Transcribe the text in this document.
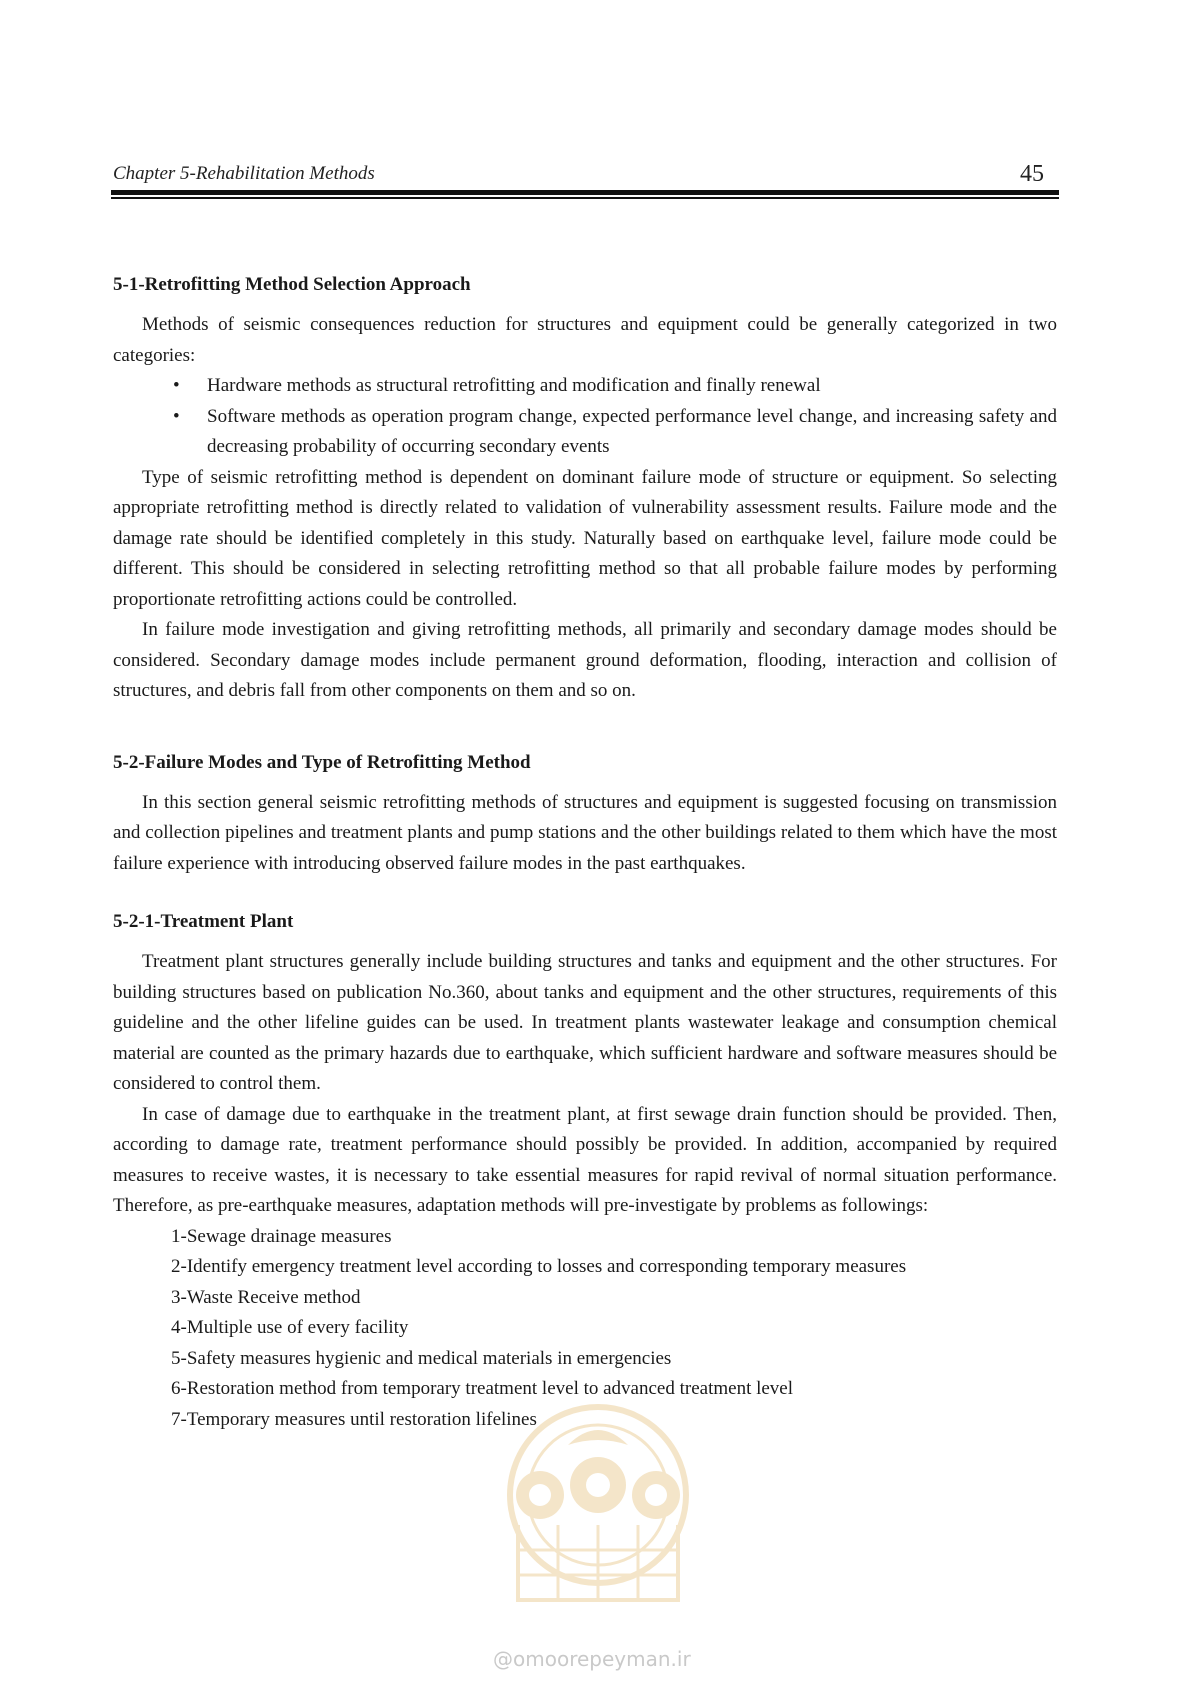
Chapter 5-Rehabilitation Methods	45
5-1-Retrofitting Method Selection Approach

Methods of seismic consequences reduction for structures and equipment could be generally categorized in two categories:

• Hardware methods as structural retrofitting and modification and finally renewal
• Software methods as operation program change, expected performance level change, and increasing safety and decreasing probability of occurring secondary events

Type of seismic retrofitting method is dependent on dominant failure mode of structure or equipment. So selecting appropriate retrofitting method is directly related to validation of vulnerability assessment results. Failure mode and the damage rate should be identified completely in this study. Naturally based on earthquake level, failure mode could be different. This should be considered in selecting retrofitting method so that all probable failure modes by performing proportionate retrofitting actions could be controlled.

In failure mode investigation and giving retrofitting methods, all primarily and secondary damage modes should be considered. Secondary damage modes include permanent ground deformation, flooding, interaction and collision of structures, and debris fall from other components on them and so on.

5-2-Failure Modes and Type of Retrofitting Method

In this section general seismic retrofitting methods of structures and equipment is suggested focusing on transmission and collection pipelines and treatment plants and pump stations and the other buildings related to them which have the most failure experience with introducing observed failure modes in the past earthquakes.

5-2-1-Treatment Plant

Treatment plant structures generally include building structures and tanks and equipment and the other structures. For building structures based on publication No.360, about tanks and equipment and the other structures, requirements of this guideline and the other lifeline guides can be used. In treatment plants wastewater leakage and consumption chemical material are counted as the primary hazards due to earthquake, which sufficient hardware and software measures should be considered to control them.

In case of damage due to earthquake in the treatment plant, at first sewage drain function should be provided. Then, according to damage rate, treatment performance should possibly be provided. In addition, accompanied by required measures to receive wastes, it is necessary to take essential measures for rapid revival of normal situation performance. Therefore, as pre-earthquake measures, adaptation methods will pre-investigate by problems as followings:

1-Sewage drainage measures
2-Identify emergency treatment level according to losses and corresponding temporary measures
3-Waste Receive method
4-Multiple use of every facility
5-Safety measures hygienic and medical materials in emergencies
6-Restoration method from temporary treatment level to advanced treatment level
7-Temporary measures until restoration lifelines
@omoorepeyman.ir
